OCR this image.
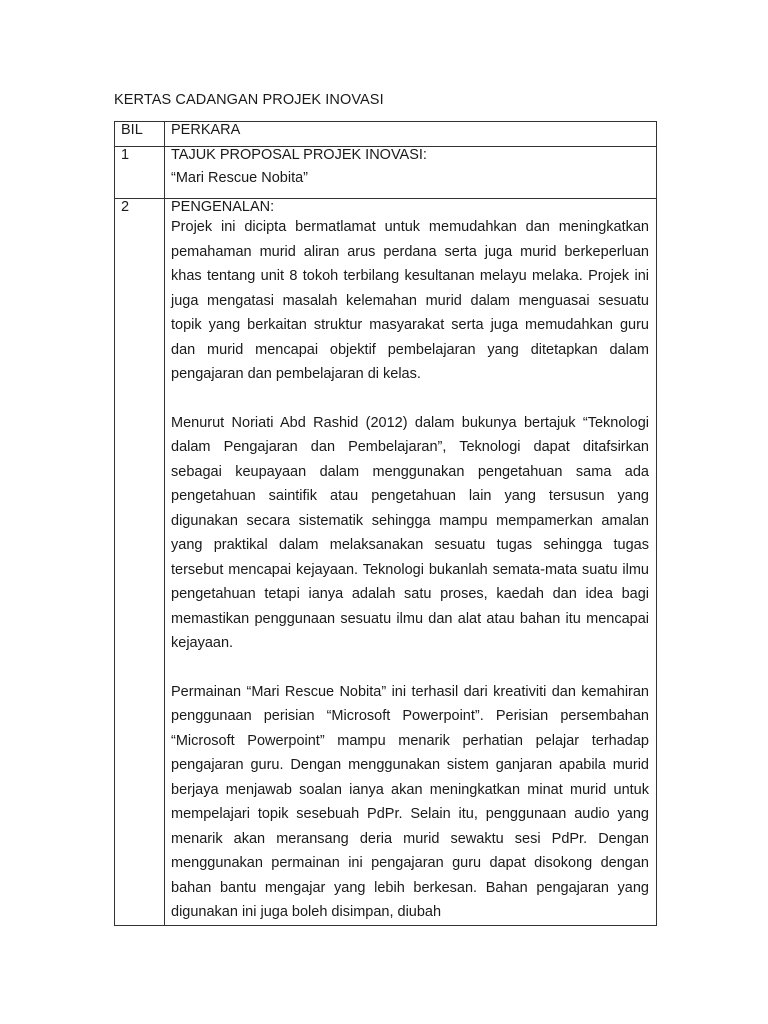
KERTAS CADANGAN PROJEK INOVASI
BIL	PERKARA

1	TAJUK PROPOSAL PROJEK INOVASI:
“Mari Rescue Nobita”

2	PENGENALAN:

Projek ini dicipta bermatlamat untuk memudahkan dan meningkatkan pemahaman murid aliran arus perdana serta juga murid berkeperluan khas tentang unit 8 tokoh terbilang kesultanan melayu melaka. Projek ini juga mengatasi masalah kelemahan murid dalam menguasai sesuatu topik yang berkaitan struktur masyarakat serta juga memudahkan guru dan murid mencapai objektif pembelajaran yang ditetapkan dalam pengajaran dan pembelajaran di kelas.

Menurut Noriati Abd Rashid (2012) dalam bukunya bertajuk “Teknologi dalam Pengajaran dan Pembelajaran”, Teknologi dapat ditafsirkan sebagai keupayaan dalam menggunakan pengetahuan sama ada pengetahuan saintifik atau pengetahuan lain yang tersusun yang digunakan secara sistematik sehingga mampu mempamerkan amalan yang praktikal dalam melaksanakan sesuatu tugas sehingga tugas tersebut mencapai kejayaan. Teknologi bukanlah semata-mata suatu ilmu pengetahuan tetapi ianya adalah satu proses, kaedah dan idea bagi memastikan penggunaan sesuatu ilmu dan alat atau bahan itu mencapai kejayaan.

Permainan “Mari Rescue Nobita” ini terhasil dari kreativiti dan kemahiran penggunaan perisian “Microsoft Powerpoint”. Perisian persembahan “Microsoft Powerpoint” mampu menarik perhatian pelajar terhadap pengajaran guru. Dengan menggunakan sistem ganjaran apabila murid berjaya menjawab soalan ianya akan meningkatkan minat murid untuk mempelajari topik sesebuah PdPr. Selain itu, penggunaan audio yang menarik akan meransang deria murid sewaktu sesi PdPr. Dengan menggunakan permainan ini pengajaran guru dapat disokong dengan bahan bantu mengajar yang lebih berkesan. Bahan pengajaran yang digunakan ini juga boleh disimpan, diubah
